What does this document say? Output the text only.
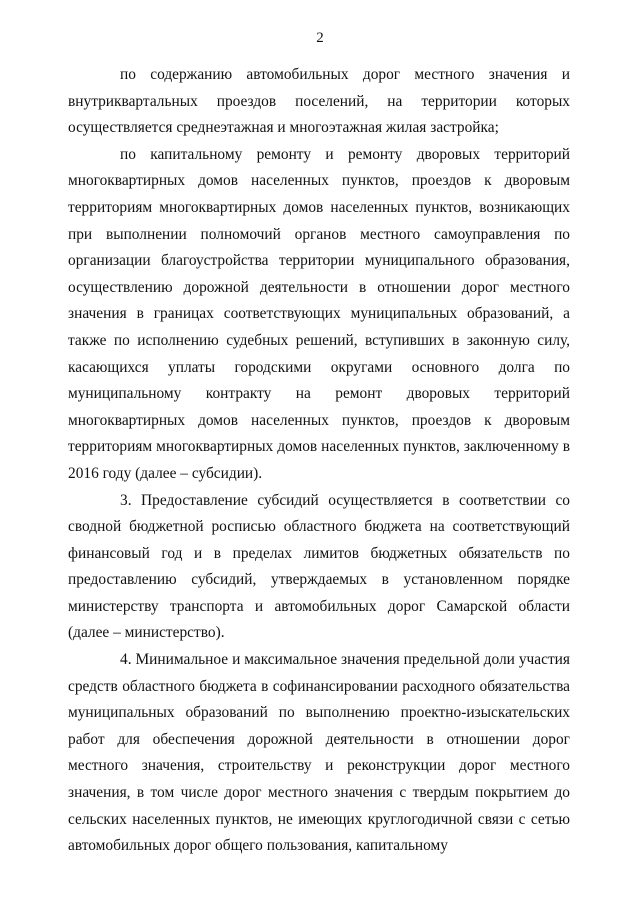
2

по содержанию автомобильных дорог местного значения и внутриквартальных проездов поселений, на территории которых осуществляется среднеэтажная и многоэтажная жилая застройка;

по капитальному ремонту и ремонту дворовых территорий многоквартирных домов населенных пунктов, проездов к дворовым территориям многоквартирных домов населенных пунктов, возникающих при выполнении полномочий органов местного самоуправления по организации благоустройства территории муниципального образования, осуществлению дорожной деятельности в отношении дорог местного значения в границах соответствующих муниципальных образований, а также по исполнению судебных решений, вступивших в законную силу, касающихся уплаты городскими округами основного долга по муниципальному контракту на ремонт дворовых территорий многоквартирных домов населенных пунктов, проездов к дворовым территориям многоквартирных домов населенных пунктов, заключенному в 2016 году (далее – субсидии).

3. Предоставление субсидий осуществляется в соответствии со сводной бюджетной росписью областного бюджета на соответствующий финансовый год и в пределах лимитов бюджетных обязательств по предоставлению субсидий, утверждаемых в установленном порядке министерству транспорта и автомобильных дорог Самарской области (далее – министерство).

4. Минимальное и максимальное значения предельной доли участия средств областного бюджета в софинансировании расходного обязательства муниципальных образований по выполнению проектно-изыскательских работ для обеспечения дорожной деятельности в отношении дорог местного значения, строительству и реконструкции дорог местного значения, в том числе дорог местного значения с твердым покрытием до сельских населенных пунктов, не имеющих круглогодичной связи с сетью автомобильных дорог общего пользования, капитальному
